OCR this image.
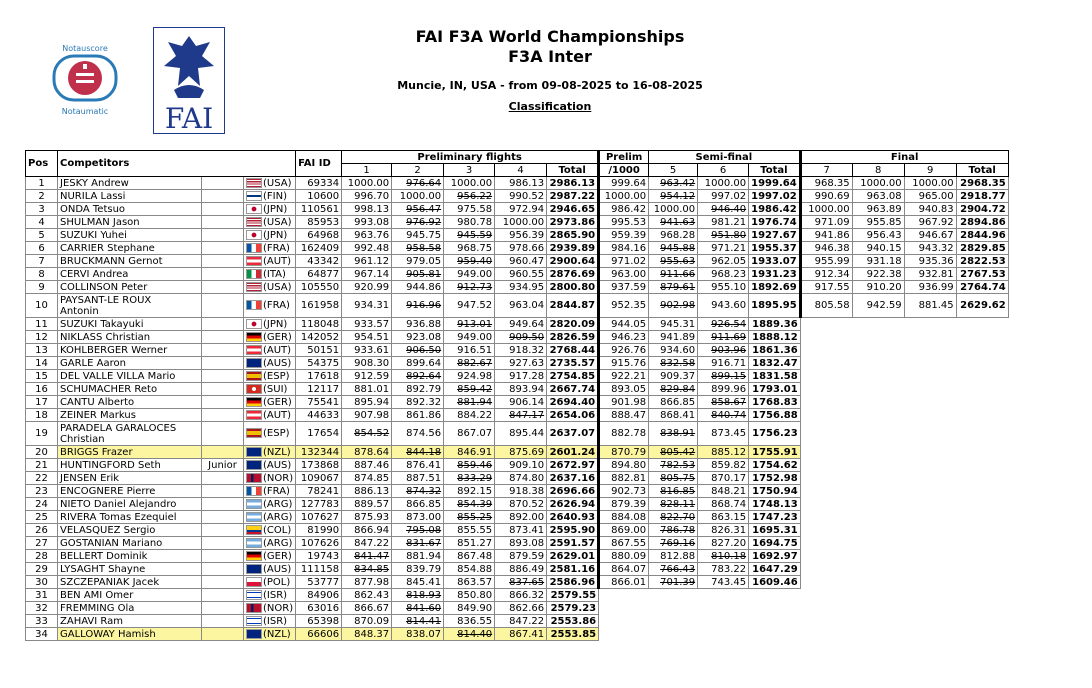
Notauscore
Notaumatic FAI
FAI F3A World Championships
F3A Inter
Muncie, IN, USA - from 09-08-2025 to 16-08-2025
Classification
Pos	Competitors			FAI ID	Preliminary flights					Prelim	Semi-final			Final			
					1	2	3	4	Total	/1000	5	6	Total	7	8	9	Total
1	JESKY Andrew		(USA)	69334	1000.00	976.64	1000.00	986.13	2986.13	999.64	963.42	1000.00	1999.64	968.35	1000.00	1000.00	2968.35
2	NURILA Lassi		(FIN)	10600	996.70	1000.00	956.22	990.52	2987.22	1000.00	954.12	997.02	1997.02	990.69	963.08	965.00	2918.77
3	ONDA Tetsuo		(JPN)	110561	998.13	956.47	975.58	972.94	2946.65	986.42	1000.00	946.40	1986.42	1000.00	963.89	940.83	2904.72
4	SHULMAN Jason		(USA)	85953	993.08	976.92	980.78	1000.00	2973.86	995.53	941.63	981.21	1976.74	971.09	955.85	967.92	2894.86
5	SUZUKI Yuhei		(JPN)	64968	963.76	945.75	945.59	956.39	2865.90	959.39	968.28	951.80	1927.67	941.86	956.43	946.67	2844.96
6	CARRIER Stephane		(FRA)	162409	992.48	958.58	968.75	978.66	2939.89	984.16	945.88	971.21	1955.37	946.38	940.15	943.32	2829.85
7	BRUCKMANN Gernot		(AUT)	43342	961.12	979.05	959.40	960.47	2900.64	971.02	955.63	962.05	1933.07	955.99	931.18	935.36	2822.53
8	CERVI Andrea		(ITA)	64877	967.14	905.81	949.00	960.55	2876.69	963.00	911.66	968.23	1931.23	912.34	922.38	932.81	2767.53
9	COLLINSON Peter		(USA)	105550	920.99	944.86	912.73	934.95	2800.80	937.59	879.61	955.10	1892.69	917.55	910.20	936.99	2764.74
10	PAYSANT-LE ROUX
Antonin		(FRA)	161958	934.31	916.96	947.52	963.04	2844.87	952.35	902.98	943.60	1895.95	805.58	942.59	881.45	2629.62
11	SUZUKI Takayuki		(JPN)	118048	933.57	936.88	913.01	949.64	2820.09	944.05	945.31	926.54	1889.36				
12	NIKLASS Christian		(GER)	142052	954.51	923.08	949.00	909.50	2826.59	946.23	941.89	911.69	1888.12				
13	KOHLBERGER Werner		(AUT)	50151	933.61	906.50	916.51	918.32	2768.44	926.76	934.60	903.96	1861.36				
14	GARLE Aaron		(AUS)	54375	908.30	899.64	882.67	927.63	2735.57	915.76	832.58	916.71	1832.47				
15	DEL VALLE VILLA Mario		(ESP)	17618	912.59	892.64	924.98	917.28	2754.85	922.21	909.37	899.15	1831.58				
16	SCHUMACHER Reto		(SUI)	12117	881.01	892.79	859.42	893.94	2667.74	893.05	829.84	899.96	1793.01				
17	CANTU Alberto		(GER)	75541	895.94	892.32	881.94	906.14	2694.40	901.98	866.85	858.67	1768.83				
18	ZEINER Markus		(AUT)	44633	907.98	861.86	884.22	847.17	2654.06	888.47	868.41	840.74	1756.88				
19	PARADELA GARALOCES
Christian		(ESP)	17654	854.52	874.56	867.07	895.44	2637.07	882.78	838.91	873.45	1756.23				
20	BRIGGS Frazer		(NZL)	132344	878.64	844.18	846.91	875.69	2601.24	870.79	805.42	885.12	1755.91				
21	HUNTINGFORD Seth	Junior	(AUS)	173868	887.46	876.41	859.46	909.10	2672.97	894.80	782.53	859.82	1754.62				
22	JENSEN Erik		(NOR)	109067	874.85	887.51	833.29	874.80	2637.16	882.81	805.75	870.17	1752.98				
23	ENCOGNERE Pierre		(FRA)	78241	886.13	874.32	892.15	918.38	2696.66	902.73	816.85	848.21	1750.94				
24	NIETO Daniel Alejandro		(ARG)	127783	889.57	866.85	854.39	870.52	2626.94	879.39	828.11	868.74	1748.13				
25	RIVERA Tomas Ezequiel		(ARG)	107627	875.93	873.00	855.25	892.00	2640.93	884.08	822.70	863.15	1747.23				
26	VELASQUEZ Sergio		(COL)	81990	866.94	795.08	855.55	873.41	2595.90	869.00	786.78	826.31	1695.31				
27	GOSTANIAN Mariano		(ARG)	107626	847.22	831.67	851.27	893.08	2591.57	867.55	769.16	827.20	1694.75				
28	BELLERT Dominik		(GER)	19743	841.47	881.94	867.48	879.59	2629.01	880.09	812.88	810.18	1692.97				
29	LYSAGHT Shayne		(AUS)	111158	834.85	839.79	854.88	886.49	2581.16	864.07	766.43	783.22	1647.29				
30	SZCZEPANIAK Jacek		(POL)	53777	877.98	845.41	863.57	837.65	2586.96	866.01	701.39	743.45	1609.46				
31	BEN AMI Omer		(ISR)	84906	862.43	818.93	850.80	866.32	2579.55								
32	FREMMING Ola		(NOR)	63016	866.67	841.60	849.90	862.66	2579.23								
33	ZAHAVI Ram		(ISR)	65398	870.09	814.41	836.55	847.22	2553.86								
34	GALLOWAY Hamish		(NZL)	66606	848.37	838.07	814.40	867.41	2553.85								
